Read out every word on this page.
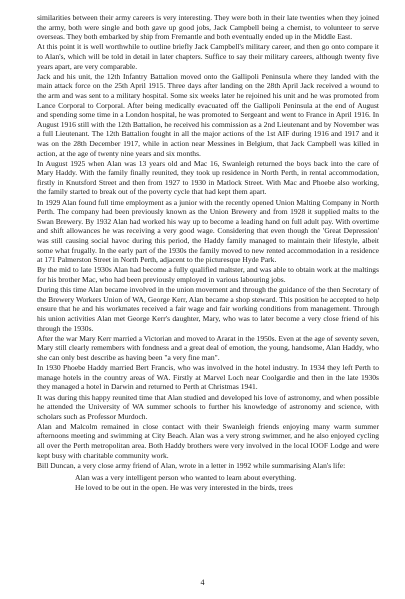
similarities between their army careers is very interesting. They were both in their late twenties when they joined the army, both were single and both gave up good jobs, Jack Campbell being a chemist, to volunteer to serve overseas. They both embarked by ship from Fremantle and both eventually ended up in the Middle East.

At this point it is well worthwhile to outline briefly Jack Campbell's military career, and then go onto compare it to Alan's, which will be told in detail in later chapters. Suffice to say their military careers, although twenty five years apart, are very comparable.

Jack and his unit, the 12th Infantry Battalion moved onto the Gallipoli Peninsula where they landed with the main attack force on the 25th April 1915. Three days after landing on the 28th April Jack received a wound to the arm and was sent to a military hospital. Some six weeks later he rejoined his unit and he was promoted from Lance Corporal to Corporal. After being medically evacuated off the Gallipoli Peninsula at the end of August and spending some time in a London hospital, he was promoted to Sergeant and went to France in April 1916. In August 1916 still with the 12th Battalion, he received his commission as a 2nd Lieutenant and by November was a full Lieutenant. The 12th Battalion fought in all the major actions of the 1st AIF during 1916 and 1917 and it was on the 28th December 1917, while in action near Messines in Belgium, that Jack Campbell was killed in action, at the age of twenty nine years and six months.

In August 1925 when Alan was 13 years old and Mac 16, Swanleigh returned the boys back into the care of Mary Haddy. With the family finally reunited, they took up residence in North Perth, in rental accommodation, firstly in Knutsford Street and then from 1927 to 1930 in Matlock Street. With Mac and Phoebe also working, the family started to break out of the poverty cycle that had kept them apart.

In 1929 Alan found full time employment as a junior with the recently opened Union Malting Company in North Perth. The company had been previously known as the Union Brewery and from 1928 it supplied malts to the Swan Brewery. By 1932 Alan had worked his way up to become a leading hand on full adult pay. With overtime and shift allowances he was receiving a very good wage. Considering that even though the 'Great Depression' was still causing social havoc during this period, the Haddy family managed to maintain their lifestyle, albeit some what frugally. In the early part of the 1930s the family moved to new rented accommodation in a residence at 171 Palmerston Street in North Perth, adjacent to the picturesque Hyde Park.

By the mid to late 1930s Alan had become a fully qualified maltster, and was able to obtain work at the maltings for his brother Mac, who had been previously employed in various labouring jobs.

During this time Alan became involved in the union movement and through the guidance of the then Secretary of the Brewery Workers Union of WA, George Kerr, Alan became a shop steward. This position he accepted to help ensure that he and his workmates received a fair wage and fair working conditions from management. Through his union activities Alan met George Kerr's daughter, Mary, who was to later become a very close friend of his through the 1930s.

After the war Mary Kerr married a Victorian and moved to Ararat in the 1950s. Even at the age of seventy seven, Mary still clearly remembers with fondness and a great deal of emotion, the young, handsome, Alan Haddy, who she can only best describe as having been "a very fine man".

In 1930 Phoebe Haddy married Bert Francis, who was involved in the hotel industry. In 1934 they left Perth to manage hotels in the country areas of WA. Firstly at Marvel Loch near Coolgardie and then in the late 1930s they managed a hotel in Darwin and returned to Perth at Christmas 1941.

It was during this happy reunited time that Alan studied and developed his love of astronomy, and when possible he attended the University of WA summer schools to further his knowledge of astronomy and science, with scholars such as Professor Murdoch.

Alan and Malcolm remained in close contact with their Swanleigh friends enjoying many warm summer afternoons meeting and swimming at City Beach. Alan was a very strong swimmer, and he also enjoyed cycling all over the Perth metropolitan area. Both Haddy brothers were very involved in the local IOOF Lodge and were kept busy with charitable community work.

Bill Duncan, a very close army friend of Alan, wrote in a letter in 1992 while summarising Alan's life:

Alan was a very intelligent person who wanted to learn about everything.
He loved to be out in the open. He was very interested in the birds, trees
4
